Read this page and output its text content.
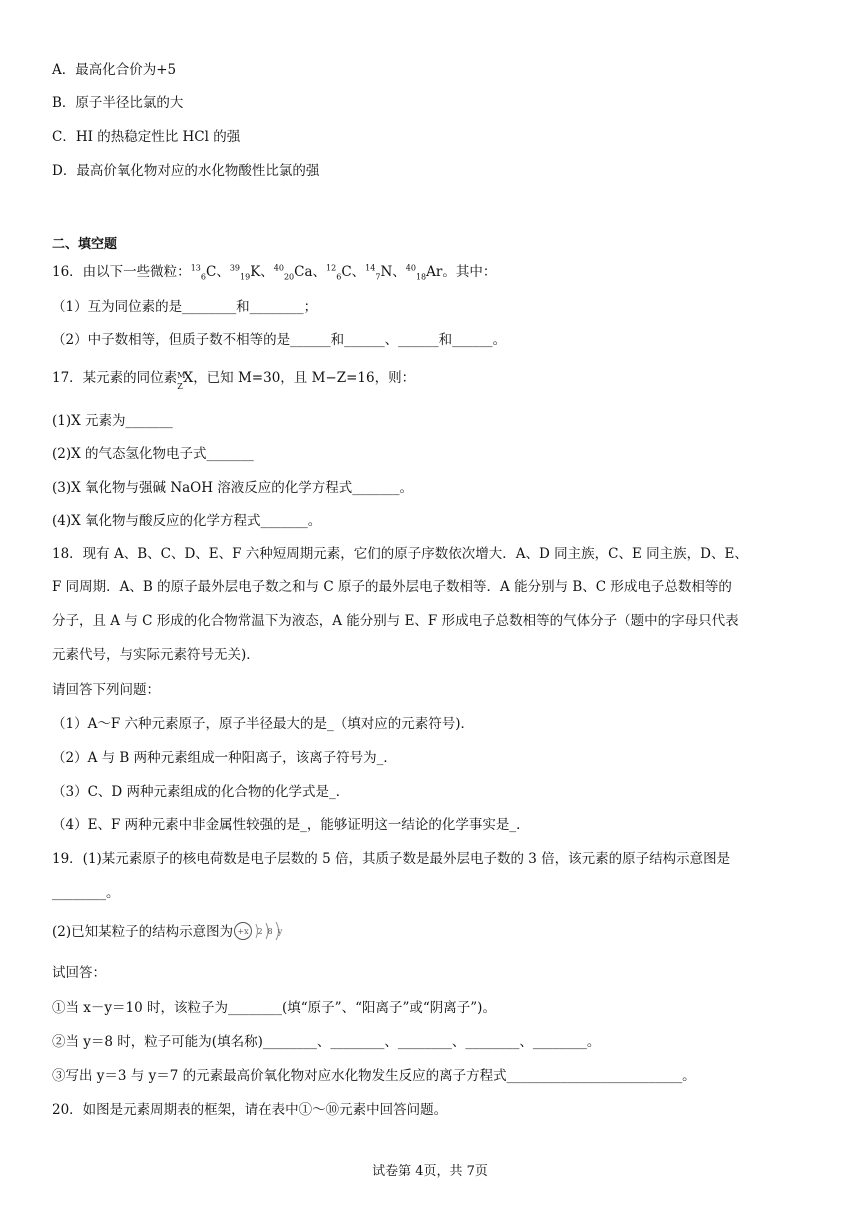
A．最高化合价为+5
B．原子半径比氯的大
C．HI 的热稳定性比 HCl 的强
D．最高价氧化物对应的水化物酸性比氯的强
二、填空题
16．由以下一些微粒：$^{13}_6$C、$^{39}_{19}$K、$^{40}_{20}$Ca、$^{12}_6$C、$^{14}_7$N、$^{40}_{18}$Ar。其中：
（1）互为同位素的是________和________；
（2）中子数相等，但质子数不相等的是______和______、______和______。
17．某元素的同位素 M
Z
X ，已知 M=30，且 M−Z=16，则：
(1)X 元素为_______
(2)X 的气态氢化物电子式_______
(3)X 氧化物与强碱 NaOH 溶液反应的化学方程式_______。
(4)X 氧化物与酸反应的化学方程式_______。
18．现有 A、B、C、D、E、F 六种短周期元素，它们的原子序数依次增大．A、D 同主族，C、E 同主族，D、E、
F 同周期．A、B 的原子最外层电子数之和与 C 原子的最外层电子数相等．A 能分别与 B、C 形成电子总数相等的
分子，且 A 与 C 形成的化合物常温下为液态，A 能分别与 E、F 形成电子总数相等的气体分子（题中的字母只代表
元素代号，与实际元素符号无关)．
请回答下列问题：
（1）A～F 六种元素原子，原子半径最大的是_（填对应的元素符号)．
（2）A 与 B 两种元素组成一种阳离子，该离子符号为_．
（3）C、D 两种元素组成的化合物的化学式是_．
（4）E、F 两种元素中非金属性较强的是_，能够证明这一结论的化学事实是_．
19．(1)某元素原子的核电荷数是电子层数的 5 倍，其质子数是最外层电子数的 3 倍，该元素的原子结构示意图是
________。
(2)已知某粒子的结构示意图为 +x 2 8 y
试回答：
①当 x－y＝10 时，该粒子为________(填“原子”、“阳离子”或“阴离子”)。
②当 y＝8 时，粒子可能为(填名称)________、________、________、________、________。
③写出 y＝3 与 y＝7 的元素最高价氧化物对应水化物发生反应的离子方程式__________________________。
20．如图是元素周期表的框架，请在表中①～⑩元素中回答问题。
试卷第 4页，共 7页
